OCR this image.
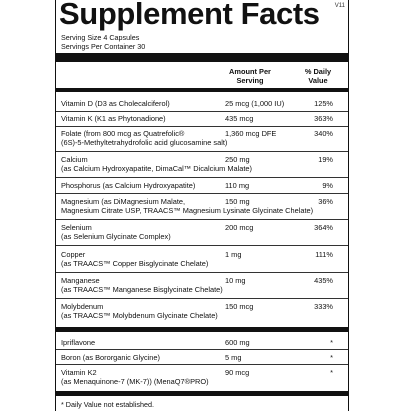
Supplement Facts	V11
Serving Size 4 Capsules
Servings Per Container 30
Amount Per Serving
% Daily Value
Vitamin D (D3 as Cholecalciferol)	25 mcg (1,000 IU)	125%
Vitamin K (K1 as Phytonadione)	435 mcg	363%
Folate (from 800 mcg as Quatrefolic®
(6S)-5-Methyltetrahydrofolic acid glucosamine salt)
1,360 mcg DFE	340%
Calcium
(as Calcium Hydroxyapatite, DimaCal™ Dicalcium Malate)
250 mg	19%
Phosphorus (as Calcium Hydroxyapatite)	110 mg	9%
Magnesium (as DiMagnesium Malate,
Magnesium Citrate USP, TRAACS™ Magnesium Lysinate Glycinate Chelate)
150 mg	36%
Selenium
(as Selenium Glycinate Complex)
200 mcg	364%
Copper
(as TRAACS™ Copper Bisglycinate Chelate)
1 mg	111%
Manganese
(as TRAACS™ Manganese Bisglycinate Chelate)
10 mg	435%
Molybdenum
(as TRAACS™ Molybdenum Glycinate Chelate)
150 mcg	333%
Ipriflavone	600 mg	*
Boron (as Bororganic Glycine)	5 mg	*
Vitamin K2
(as Menaquinone-7 (MK-7)) (MenaQ7®PRO)
90 mcg	*
* Daily Value not established.
